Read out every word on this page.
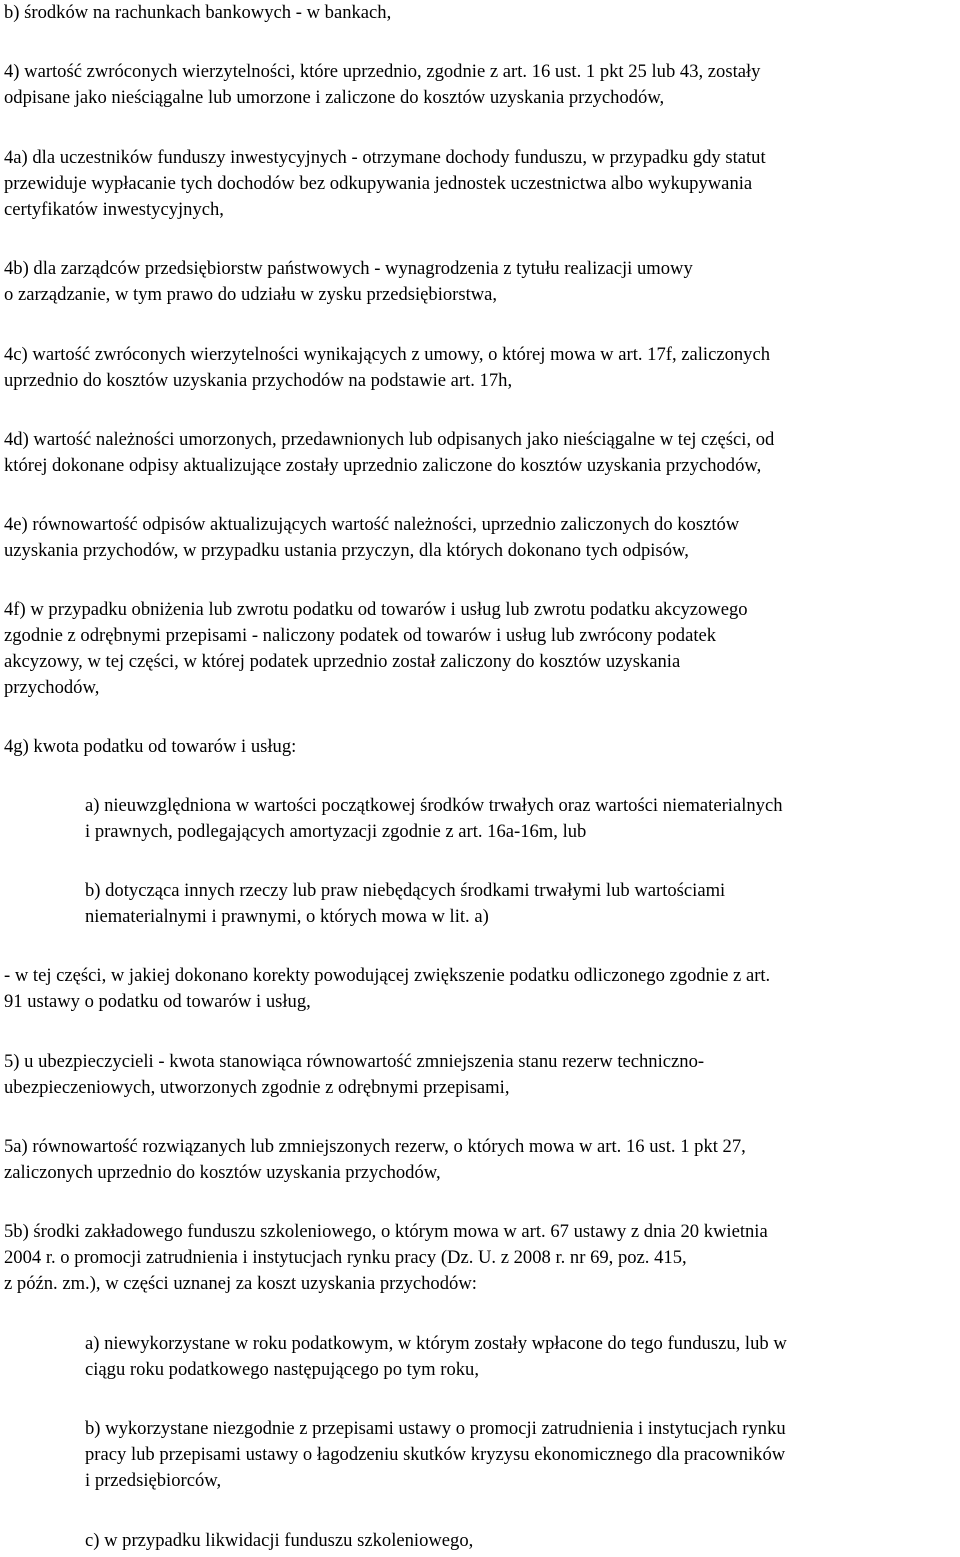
b) środków na rachunkach bankowych - w bankach,

4) wartość zwróconych wierzytelności, które uprzednio, zgodnie z art. 16 ust. 1 pkt 25 lub 43, zostały
odpisane jako nieściągalne lub umorzone i zaliczone do kosztów uzyskania przychodów,

4a) dla uczestników funduszy inwestycyjnych - otrzymane dochody funduszu, w przypadku gdy statut
przewiduje wypłacanie tych dochodów bez odkupywania jednostek uczestnictwa albo wykupywania
certyfikatów inwestycyjnych,

4b) dla zarządców przedsiębiorstw państwowych - wynagrodzenia z tytułu realizacji umowy
o zarządzanie, w tym prawo do udziału w zysku przedsiębiorstwa,

4c) wartość zwróconych wierzytelności wynikających z umowy, o której mowa w art. 17f, zaliczonych
uprzednio do kosztów uzyskania przychodów na podstawie art. 17h,

4d) wartość należności umorzonych, przedawnionych lub odpisanych jako nieściągalne w tej części, od
której dokonane odpisy aktualizujące zostały uprzednio zaliczone do kosztów uzyskania przychodów,

4e) równowartość odpisów aktualizujących wartość należności, uprzednio zaliczonych do kosztów
uzyskania przychodów, w przypadku ustania przyczyn, dla których dokonano tych odpisów,

4f) w przypadku obniżenia lub zwrotu podatku od towarów i usług lub zwrotu podatku akcyzowego
zgodnie z odrębnymi przepisami - naliczony podatek od towarów i usług lub zwrócony podatek
akcyzowy, w tej części, w której podatek uprzednio został zaliczony do kosztów uzyskania
przychodów,

4g) kwota podatku od towarów i usług:

a) nieuwzględniona w wartości początkowej środków trwałych oraz wartości niematerialnych
i prawnych, podlegających amortyzacji zgodnie z art. 16a-16m, lub

b) dotycząca innych rzeczy lub praw niebędących środkami trwałymi lub wartościami
niematerialnymi i prawnymi, o których mowa w lit. a)

- w tej części, w jakiej dokonano korekty powodującej zwiększenie podatku odliczonego zgodnie z art.
91 ustawy o podatku od towarów i usług,

5) u ubezpieczycieli - kwota stanowiąca równowartość zmniejszenia stanu rezerw techniczno-
ubezpieczeniowych, utworzonych zgodnie z odrębnymi przepisami,

5a) równowartość rozwiązanych lub zmniejszonych rezerw, o których mowa w art. 16 ust. 1 pkt 27,
zaliczonych uprzednio do kosztów uzyskania przychodów,

5b) środki zakładowego funduszu szkoleniowego, o którym mowa w art. 67 ustawy z dnia 20 kwietnia
2004 r. o promocji zatrudnienia i instytucjach rynku pracy (Dz. U. z 2008 r. nr 69, poz. 415,
z późn. zm.), w części uznanej za koszt uzyskania przychodów:

a) niewykorzystane w roku podatkowym, w którym zostały wpłacone do tego funduszu, lub w
ciągu roku podatkowego następującego po tym roku,

b) wykorzystane niezgodnie z przepisami ustawy o promocji zatrudnienia i instytucjach rynku
pracy lub przepisami ustawy o łagodzeniu skutków kryzysu ekonomicznego dla pracowników
i przedsiębiorców,

c) w przypadku likwidacji funduszu szkoleniowego,
